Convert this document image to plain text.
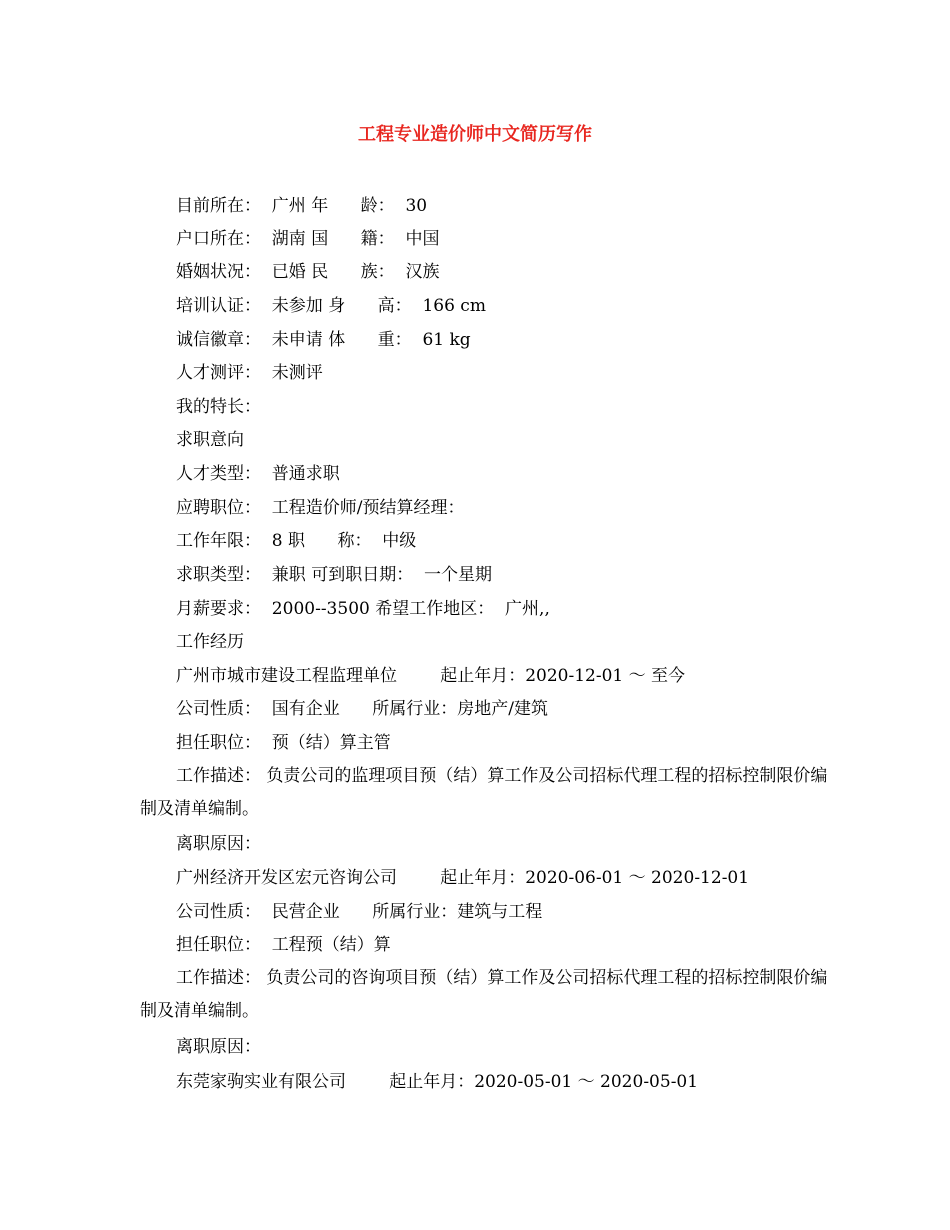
工程专业造价师中文简历写作
目前所在：  广州 年      龄：  30
户口所在：  湖南 国      籍：  中国
婚姻状况：  已婚 民      族：  汉族
培训认证：  未参加 身      高：  166 cm
诚信徽章：  未申请 体      重：  61 kg
人才测评：  未测评
我的特长：
求职意向
人才类型：  普通求职
应聘职位：  工程造价师/预结算经理：
工作年限：  8 职      称：  中级
求职类型：  兼职 可到职日期：  一个星期
月薪要求：  2000--3500 希望工作地区：  广州,,
工作经历
广州市城市建设工程监理单位        起止年月：2020-12-01 ～ 至今
公司性质：  国有企业      所属行业：房地产/建筑
担任职位：  预（结）算主管
工作描述： 负责公司的监理项目预（结）算工作及公司招标代理工程的招标控制限价编制及清单编制。
离职原因：
广州经济开发区宏元咨询公司        起止年月：2020-06-01 ～ 2020-12-01
公司性质：  民营企业      所属行业：建筑与工程
担任职位：  工程预（结）算
工作描述： 负责公司的咨询项目预（结）算工作及公司招标代理工程的招标控制限价编制及清单编制。
离职原因：
东莞家驹实业有限公司        起止年月：2020-05-01 ～ 2020-05-01
